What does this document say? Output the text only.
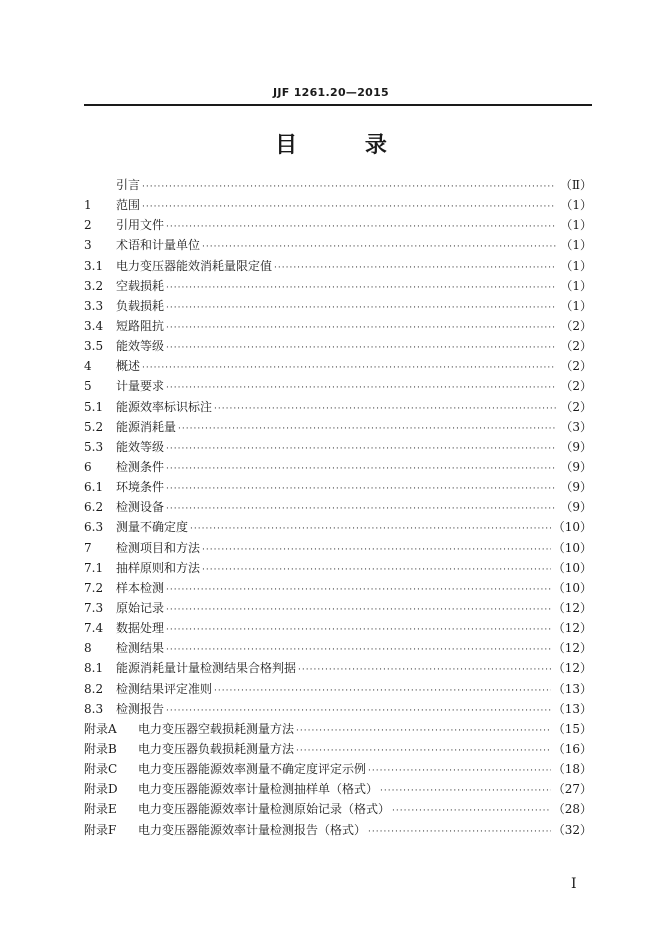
JJF 1261.20—2015
目 录
引言 ·····	（Ⅱ）
1	范围 ·····	（1）
2	引用文件 ·····	（1）
3	术语和计量单位 ·····	（1）
3.1	电力变压器能效消耗量限定值 ·····	（1）
3.2	空载损耗 ·····	（1）
3.3	负载损耗 ·····	（1）
3.4	短路阻抗 ·····	（2）
3.5	能效等级 ·····	（2）
4	概述 ·····	（2）
5	计量要求 ·····	（2）
5.1	能源效率标识标注 ·····	（2）
5.2	能源消耗量 ·····	（3）
5.3	能效等级 ·····	（9）
6	检测条件 ·····	（9）
6.1	环境条件 ·····	（9）
6.2	检测设备 ·····	（9）
6.3	测量不确定度 ·····	（10）
7	检测项目和方法 ·····	（10）
7.1	抽样原则和方法 ·····	（10）
7.2	样本检测 ·····	（10）
7.3	原始记录 ·····	（12）
7.4	数据处理 ·····	（12）
8	检测结果 ·····	（12）
8.1	能源消耗量计量检测结果合格判据 ·····	（12）
8.2	检测结果评定准则 ·····	（13）
8.3	检测报告 ·····	（13）
附录A	电力变压器空载损耗测量方法 ·····	（15）
附录B	电力变压器负载损耗测量方法 ·····	（16）
附录C	电力变压器能源效率测量不确定度评定示例 ·····	（18）
附录D	电力变压器能源效率计量检测抽样单（格式） ·····	（27）
附录E	电力变压器能源效率计量检测原始记录（格式） ·····	（28）
附录F	电力变压器能源效率计量检测报告（格式） ·····	（32）
Ⅰ
